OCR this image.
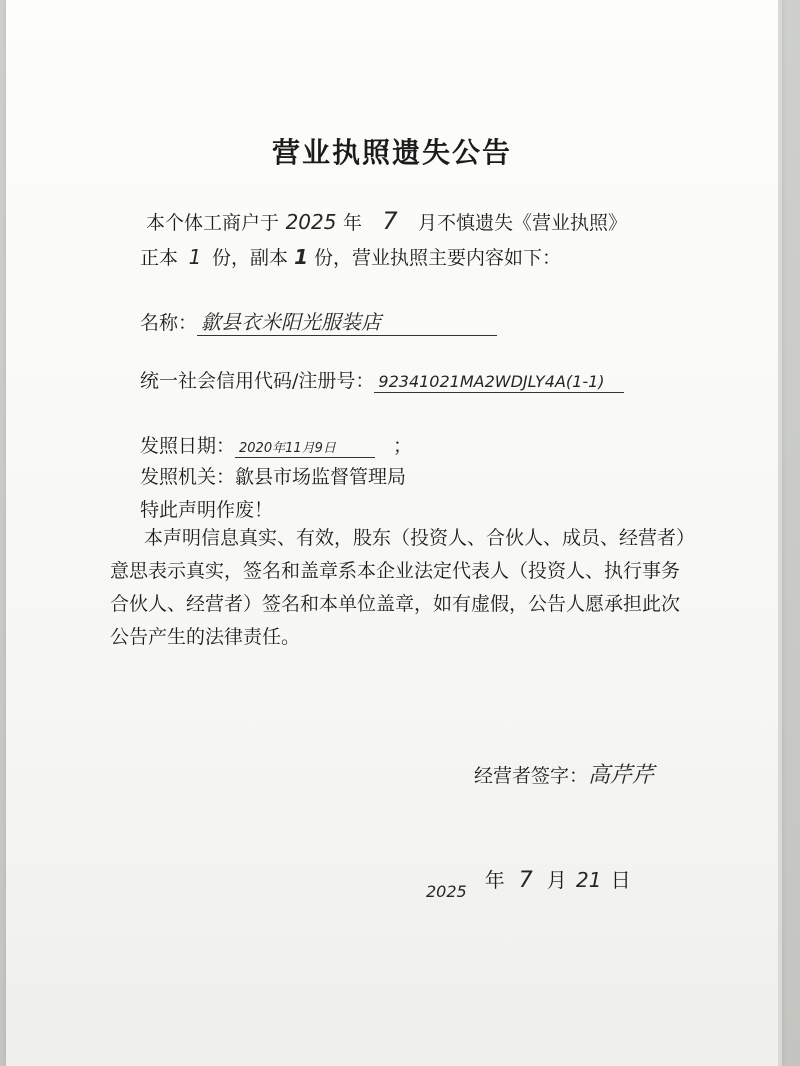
营业执照遗失公告
本个体工商户于 2025 年 7 月不慎遗失《营业执照》
正本 1 份，副本 1 份，营业执照主要内容如下：
名称： 歙县衣米阳光服装店
统一社会信用代码/注册号： 92341021MA2WDJLY4A(1-1)
发照日期： 2020年11月9日	；
发照机关：歙县市场监督管理局
特此声明作废！
本声明信息真实、有效，股东（投资人、合伙人、成员、经营者）意思表示真实，签名和盖章系本企业法定代表人（投资人、执行事务合伙人、经营者）签名和本单位盖章，如有虚假，公告人愿承担此次公告产生的法律责任。
经营者签字：高芹芹
$_{2025}$ 年 7 月 21 日
